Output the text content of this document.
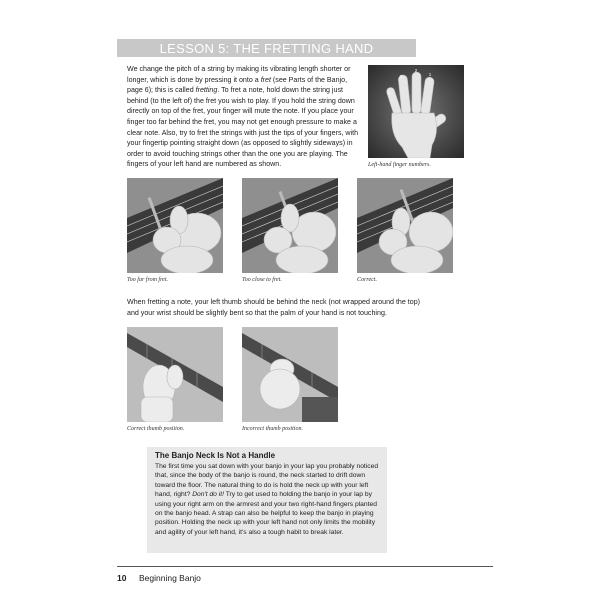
LESSON 5: THE FRETTING HAND

We change the pitch of a string by making its vibrating length shorter or longer, which is done by pressing it onto a fret (see Parts of the Banjo, page 6); this is called fretting. To fret a note, hold down the string just behind (to the left of) the fret you wish to play. If you hold the string down directly on top of the fret, your finger will mute the note. If you place your finger too far behind the fret, you may not get enough pressure to make a clear note. Also, try to fret the strings with just the tips of your fingers, with your fingertip pointing straight down (as opposed to slightly sideways) in order to avoid touching strings other than the one you are playing. The fingers of your left hand are numbered as shown.

4
3
2
1
Left-hand finger numbers.
Too far from fret.	Too close to fret.	Correct.

When fretting a note, your left thumb should be behind the neck (not wrapped around the top) and your wrist should be slightly bent so that the palm of your hand is not touching.

Correct thumb position.	Incorrect thumb position.
The Banjo Neck Is Not a Handle

The first time you sat down with your banjo in your lap you probably noticed that, since the body of the banjo is round, the neck started to drift down toward the floor. The natural thing to do is hold the neck up with your left hand, right? Don't do it! Try to get used to holding the banjo in your lap by using your right arm on the armrest and your two right-hand fingers planted on the banjo head. A strap can also be helpful to keep the banjo in playing position. Holding the neck up with your left hand not only limits the mobility and agility of your left hand, it's also a tough habit to break later.

10 Beginning Banjo
